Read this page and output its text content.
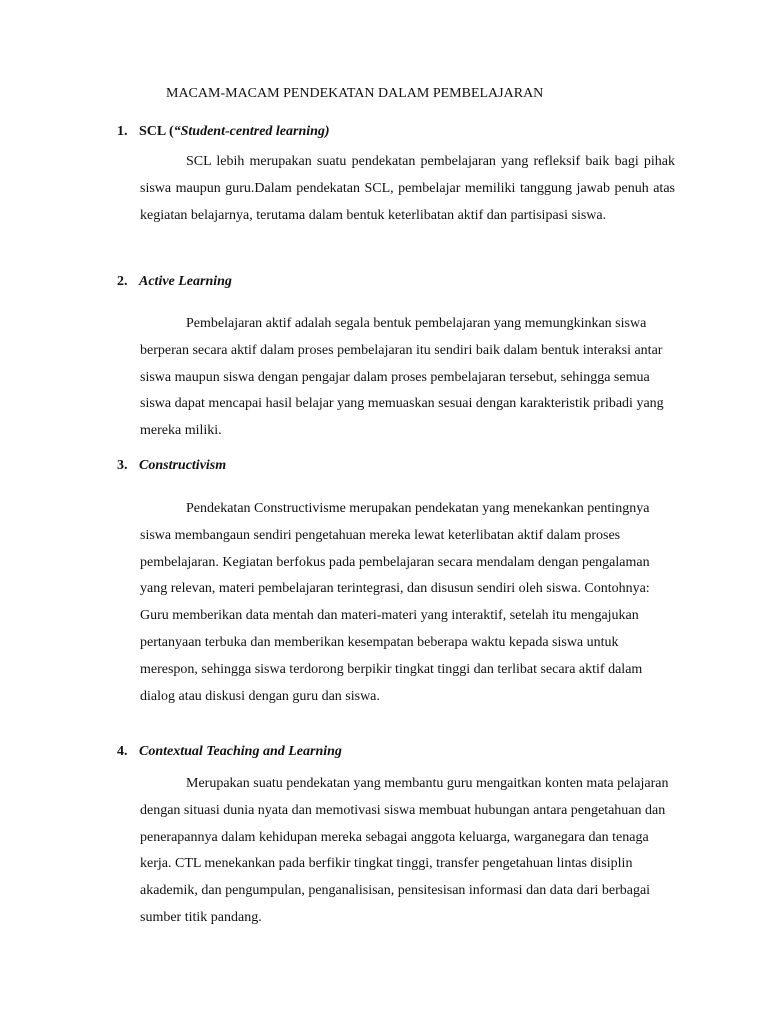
MACAM-MACAM PENDEKATAN DALAM PEMBELAJARAN
1. SCL (“Student-centred learning)

SCL lebih merupakan suatu pendekatan pembelajaran yang refleksif baik bagi pihak siswa maupun guru.Dalam pendekatan SCL, pembelajar memiliki tanggung jawab penuh atas kegiatan belajarnya, terutama dalam bentuk keterlibatan aktif dan partisipasi siswa.

2. Active Learning

Pembelajaran aktif adalah segala bentuk pembelajaran yang memungkinkan siswa berperan secara aktif dalam proses pembelajaran itu sendiri baik dalam bentuk interaksi antar siswa maupun siswa dengan pengajar dalam proses pembelajaran tersebut, sehingga semua siswa dapat mencapai hasil belajar yang memuaskan sesuai dengan karakteristik pribadi yang mereka miliki.

3. Constructivism

Pendekatan Constructivisme merupakan pendekatan yang menekankan pentingnya siswa membangaun sendiri pengetahuan mereka lewat keterlibatan aktif dalam proses pembelajaran. Kegiatan berfokus pada pembelajaran secara mendalam dengan pengalaman yang relevan, materi pembelajaran terintegrasi, dan disusun sendiri oleh siswa. Contohnya: Guru memberikan data mentah dan materi-materi yang interaktif, setelah itu mengajukan pertanyaan terbuka dan memberikan kesempatan beberapa waktu kepada siswa untuk merespon, sehingga siswa terdorong berpikir tingkat tinggi dan terlibat secara aktif dalam dialog atau diskusi dengan guru dan siswa.

4. Contextual Teaching and Learning

Merupakan suatu pendekatan yang membantu guru mengaitkan konten mata pelajaran dengan situasi dunia nyata dan memotivasi siswa membuat hubungan antara pengetahuan dan penerapannya dalam kehidupan mereka sebagai anggota keluarga, warganegara dan tenaga kerja. CTL menekankan pada berfikir tingkat tinggi, transfer pengetahuan lintas disiplin akademik, dan pengumpulan, penganalisisan, pensitesisan informasi dan data dari berbagai sumber titik pandang.
